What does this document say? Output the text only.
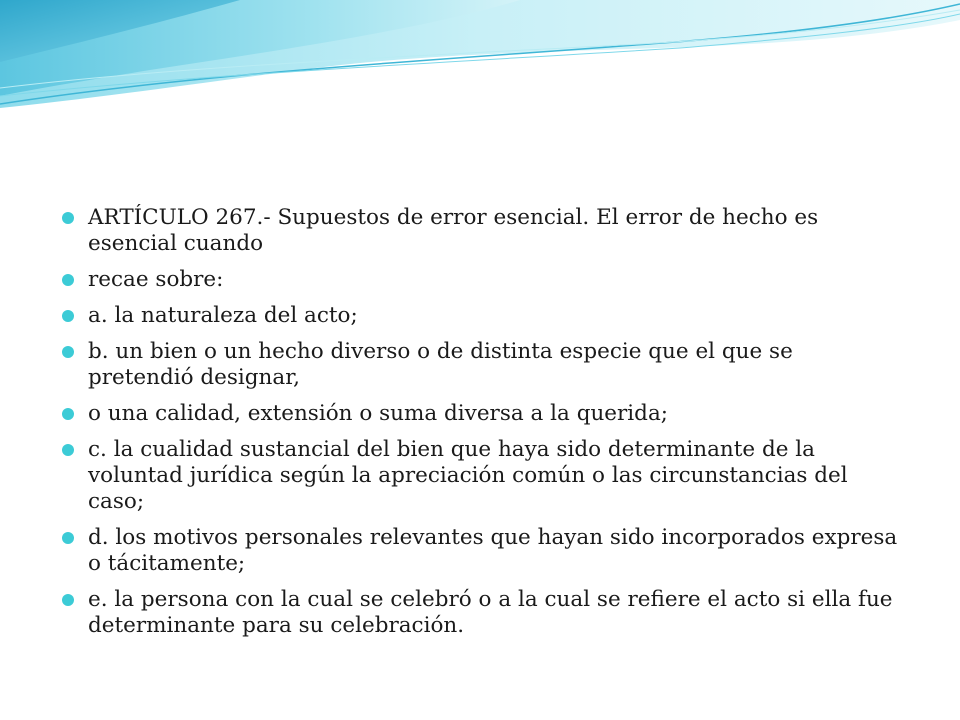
ARTÍCULO 267.- Supuestos de error esencial. El error de hecho es esencial cuando
recae sobre:
a. la naturaleza del acto;
b. un bien o un hecho diverso o de distinta especie que el que se pretendió designar,
o una calidad, extensión o suma diversa a la querida;
c. la cualidad sustancial del bien que haya sido determinante de la voluntad jurídica según la apreciación común o las circunstancias del caso;
d. los motivos personales relevantes que hayan sido incorporados expresa o tácitamente;
e. la persona con la cual se celebró o a la cual se refiere el acto si ella fue determinante para su celebración.
